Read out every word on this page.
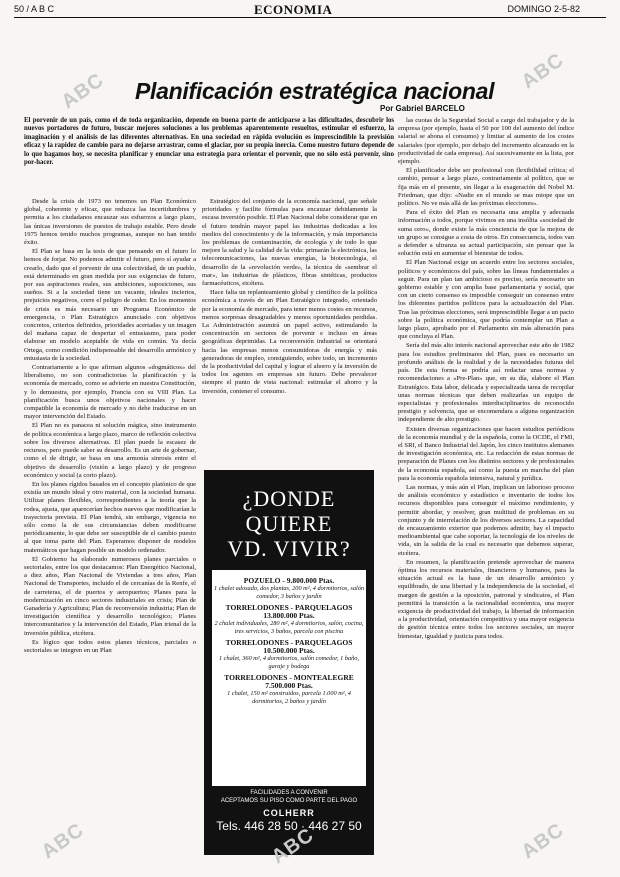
50 / A B C	ECONOMIA	DOMINGO 2-5-82
Planificación estratégica nacional
Por Gabriel BARCELO

El porvenir de un país, como el de toda organización, depende en buena parte de anticiparse a las dificultades, descubrir los nuevos portadores de futuro, buscar mejores soluciones a los problemas aparentemente resueltos, estimular el esfuerzo, la imaginación y el análisis de las diferentes alternativas. En una sociedad en rápida evolución es imprescindible la previsión eficaz y la rapidez de cambio para no dejarse arrastrar, como el glaciar, por su propia inercia. Como nuestro futuro depende de lo que hagamos hoy, se necesita planificar y enunciar una estrategia para orientar el porvenir, que no sólo está porvenir, sino por-hacer.

Desde la crisis de 1973 no tenemos un Plan Económico global, coherente y eficaz, que reduzca las incertidumbres y permita a los ciudadanos encauzar sus esfuerzos a largo plazo, las únicas inversiones de puestos de trabajo estable. Pero desde 1975 hemos tenido muchos programas, aunque no han tenido éxito.

El Plan se basa en la tesis de que pensando en el futuro lo hemos de forjar. No podemos admitir el futuro, pero sí ayudar a crearlo, dado que el porvenir de una colectividad, de un pueblo, está determinado en gran medida por sus exigencias de futuro, por sus aspiraciones reales, sus ambiciones, suposiciones, sus sueños. Si a la sociedad tiene un vacante, ideales inciertos, prejuicios negativos, corre el peligro de ceder. En los momentos de crisis es más necesario un Programa Económico de emergencia, o Plan Estratégico anunciado con objetivos concretos, criterios definidos, prioridades acertadas y un imagen del mañana capaz de despertar el entusiasmo, para poder elaborar un modelo aceptable de vida en común. Ya decía Ortega, como condición indispensable del desarrollo armónico y entusiasta de la sociedad.

Contrariamente a lo que afirman algunos «dogmáticos» del liberalismo, no son contradictorias la planificación y la economía de mercado, como se advierte en nuestra Constitución, y lo demuestra, por ejemplo, Francia con su VIII Plan. La planificación busca unos objetivos nacionales y hacer compatible la economía de mercado y no debe traducirse en un mayor intervención del Estado.

El Plan no es panacea ni solución mágica, sino instrumento de política económica a largo plazo, marco de reflexión colectiva sobre los diversos alternativas. El plan puede la escasez de recursos, pero puede saber su desarrollo. Es un arte de gobernar, como el de dirigir, se basa en una armonía sinrosis entre el objetivo de desarrollo (visión a largo plazo) y de progreso económico y social (a corto plazo).

En los planes rígidos basados en el concepto platónico de que existía un mundo ideal y otro material, con la sociedad humana. Utilizar planes flexibles, correspondientes a la teoría que la rodea, ajusta, que aparecerían hechos nuevos que modificarían la trayectoria prevista. El Plan tendrá, sin embargo, vigencia no sólo como la de sus circunstancias deben modificarse periódicamente, lo que debe ser susceptible de el cambio puesto al que toma parte del Plan. Esperamos disponer de modelos matemáticos que hagan posible un modelo ordenador.

El Gobierno ha elaborado numerosos planes parciales o sectoriales, entre los que destacamos: Plan Energético Nacional, a diez años, Plan Nacional de Viviendas a tres años, Plan Nacional de Transportes, incluido el de cercanías de la Renfe, el de carreteras, el de puertos y aeropuertos; Planes para la modernización en cinco sectores industriales en crisis; Plan de Ganadería y Agricultura; Plan de reconversión industria; Plan de investigación científica y desarrollo tecnológico; Planes intercomunitarios y la intervención del Estado, Plan trienal de la inversión pública, etcétera.

Es lógico que todos estos planes técnicos, parciales o sectoriales se integren en un Plan

Estratégico del conjunto de la economía nacional, que señale prioridades y facilite fórmulas para encauzar debidamente la escasa inversión posible. El Plan Nacional debe considerar que en el futuro tendrán mayor papel las industrias dedicadas a los medios del conocimiento y de la información, y más importancia los problemas de contaminación, de ecología y de todo lo que mejore la salud y la calidad de la vida: primarán la electrónica, las telecomunicaciones, las nuevas energías, la biotecnología, el desarrollo de la «revolución verde», la técnica de «sembrar el mar», las industrias de plásticos, fibras sintéticas, productos farmacéuticos, etcétera.

Hace falta un replanteamiento global y científico de la política económica a través de un Plan Estratégico integrado, orientado por la economía de mercado, para tener menos costes en recursos, menos sorpresas desagradables y menos oportunidades perdidas. La Administración asumirá un papel activo, estimulando la concentración en sectores de porvenir e incluso en áreas geográficas deprimidas. La reconversión industrial se orientará hacia las empresas menos consumidoras de energía y más generadoras de empleo, consiguiendo, sobre todo, un incremento de la productividad del capital y lograr el ahorro y la inversión de todos los agentes en empresas sin futuro. Debe prevalecer siempre el punto de vista nacional: estimular el ahorro y la inversión, contener el consumo.

las cuotas de la Seguridad Social a cargo del trabajador y de la empresa (por ejemplo, hasta el 50 por 100 del aumento del índice salarial se abona el consumo) y limitar al aumento de los costes salariales (por ejemplo, por debajo del incremento alcanzado en la productividad de cada empresa). Así sucesivamente en la lista, por ejemplo.

El planificador debe ser profesional con flexibilidad crítica; el cambio, pensar a largo plazo, contrariamente al político, que se fija más en el presente, sin llegar a la exageración del Nobel M. Friedman, que dijo: «Nadie en el mundo se mas miope que un político. No ve más allá de las próximas elecciones».

Para el éxito del Plan es necesaria una amplia y adecuada información a todos, porque vivimos en una insólita «sociedad de suma cero», donde existe la más conciencia de que la mejora de un grupo se consigue a costa de otros. En consecuencia, todos van a defender a ultranza su actual participación, sin pensar que la solución está en aumentar el bienestar de todos.

El Plan Nacional exige un acuerdo entre los sectores sociales, políticos y económicos del país, sobre las líneas fundamentales a seguir. Para un plan tan ambicioso es preciso, sería necesario un gobierno estable y con amplia base parlamentaria y social, que con un cierto consenso es imposible conseguir un consenso entre los diferentes partidos políticos para la actualización del Plan. Tras las próximas elecciones, será imprescindible llegar a un pacto sobre la política económica, que podría contemplar un Plan a largo plazo, aprobado por el Parlamento sin más alteración para que concluya el Plan.

Sería del más alto interés nacional aprovechar este año de 1982 para los estudios preliminares del Plan, pues es necesario un profundo análisis de la realidad y de la necesidades futuras del país. De esta forma se podría así redactar unas normas y recomendaciones a «Pre-Plan» que, en su día, elabore el Plan Estratégico. Esta labor, delicada y especializada tarea de recopilar unas normas técnicas que deben realizarlas un equipo de especialistas y profesionales interdisciplinarios de reconocido prestigio y solvencia, que se encomendara a alguna organización independiente de alto prestigio.

Existen diversas organizaciones que hacen estudios periódicos de la economía mundial y de la española, como la OCDE, el FMI, el SRI, el Banco Industrial del Japón, los cinco institutos alemanes de investigación económica, etc. La redacción de estas normas de preparación de Planes con los distintos sectores y de profesionales de la economía española, así como la puesta en marcha del plan para la economía española intensiva, natural y jurídica.

Las normas, y más aún el Plan, implican un laborioso proceso de análisis económico y estadístico e inventario de todos los recursos disponibles para conseguir el máximo rendimiento, y permitir abordar, y resolver, gran multitud de problemas en su conjunto y de interrelación de los diversos sectores. La capacidad de encauzamiento exterior que podemos admitir, hay el impacto medioambiental que cabe soportar, la tecnología de los niveles de vida, sin la salida de la cual es necesario que debemos superar, etcétera.

En resumen, la planificación pretende aprovechar de manera óptima los recursos materiales, financieros y humanos, para la situación actual es la base de un desarrollo armónico y equilibrado, de una libertad y la independencia de la sociedad, el margen de gestión a la oposición, patronal y sindicatos, el Plan permitirá la transición a la racionalidad económica, una mayor exigencia de productividad del trabajo, la libertad de información a la productividad, orientación competitiva y una mayor exigencia de gestión técnica entre todos los sectores sociales, un mayor bienestar, igualdad y justicia para todos.

¿DONDE
QUIERE
VD. VIVIR?
POZUELO - 9.800.000 Ptas.
1 chalet adosado, dos plantas, 200 m², 4 dormitorios, salón comedor, 3 baños y jardín
TORRELODONES - PARQUELAGOS 13.800.000 Ptas.
2 chalet individuales, 280 m², 4 dormitorios, salón, cocina, tres servicios, 3 baños, parcela con piscina
TORRELODONES - PARQUELAGOS 10.500.000 Ptas.
1 chalet, 360 m², 4 dormitorios, salón comedor, 1 baño, garaje y bodega
TORRELODONES - MONTEALEGRE 7.500.000 Ptas.
1 chalet, 150 m² construidos, parcela 1.000 m², 4 dormitorios, 2 baños y jardín
FACILIDADES A CONVENIR
ACEPTAMOS SU PISO COMO PARTE DEL PAGO
COLHERR
Tels. 446 28 50 · 446 27 50
ABC	ABC
ABC	ABC	ABC
